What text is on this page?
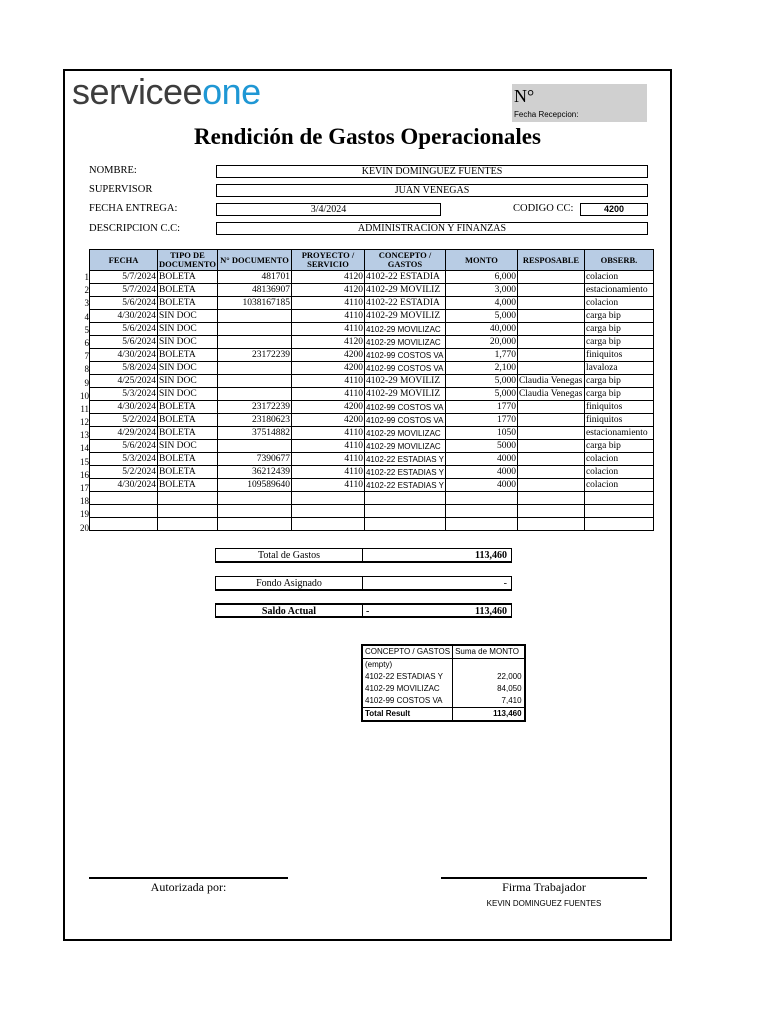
serviceeone	N°
Fecha Recepcion:
Rendición de Gastos Operacionales
NOMBRE:	KEVIN DOMINGUEZ FUENTES
SUPERVISOR	JUAN VENEGAS
FECHA ENTREGA:	3/4/2024	CODIGO CC:	4200
DESCRIPCION C.C:	ADMINISTRACION Y FINANZAS
1
2
3
4
5
6
7
8
9
10
11
12
13
14
15
16
17
18
19
20
FECHA	TIPO DE DOCUMENTO	N° DOCUMENTO	PROYECTO / SERVICIO	CONCEPTO / GASTOS	MONTO	RESPOSABLE	OBSERB.
5/7/2024	BOLETA	481701	4120	4102-22 ESTADIA	6,000		colacion
5/7/2024	BOLETA	48136907	4120	4102-29 MOVILIZ	3,000		estacionamiento
5/6/2024	BOLETA	1038167185	4110	4102-22 ESTADIA	4,000		colacion
4/30/2024	SIN DOC		4110	4102-29 MOVILIZ	5,000		carga bip
5/6/2024	SIN DOC		4110	4102-29 MOVILIZAC	40,000		carga bip
5/6/2024	SIN DOC		4120	4102-29 MOVILIZAC	20,000		carga bip
4/30/2024	BOLETA	23172239	4200	4102-99 COSTOS VA	1,770		finiquitos
5/8/2024	SIN DOC		4200	4102-99 COSTOS VA	2,100		lavaloza
4/25/2024	SIN DOC		4110	4102-29 MOVILIZ	5,000	Claudia Venegas	carga bip
5/3/2024	SIN DOC		4110	4102-29 MOVILIZ	5,000	Claudia Venegas	carga bip
4/30/2024	BOLETA	23172239	4200	4102-99 COSTOS VA	1770		finiquitos
5/2/2024	BOLETA	23180623	4200	4102-99 COSTOS VA	1770		finiquitos
4/29/2024	BOLETA	37514882	4110	4102-29 MOVILIZAC	1050		estacionamiento
5/6/2024	SIN DOC		4110	4102-29 MOVILIZAC	5000		carga bip
5/3/2024	BOLETA	7390677	4110	4102-22 ESTADIAS Y	4000		colacion
5/2/2024	BOLETA	36212439	4110	4102-22 ESTADIAS Y	4000		colacion
4/30/2024	BOLETA	109589640	4110	4102-22 ESTADIAS Y	4000		colacion

Total de Gastos	113,460
Fondo Asignado	-
Saldo Actual	-	113,460
CONCEPTO / GASTOS	Suma de MONTO
(empty)	
4102-22 ESTADIAS Y	22,000
4102-29 MOVILIZAC	84,050
4102-99 COSTOS VA	7,410
Total Result	113,460
Autorizada por:	Firma Trabajador
KEVIN DOMINGUEZ FUENTES
